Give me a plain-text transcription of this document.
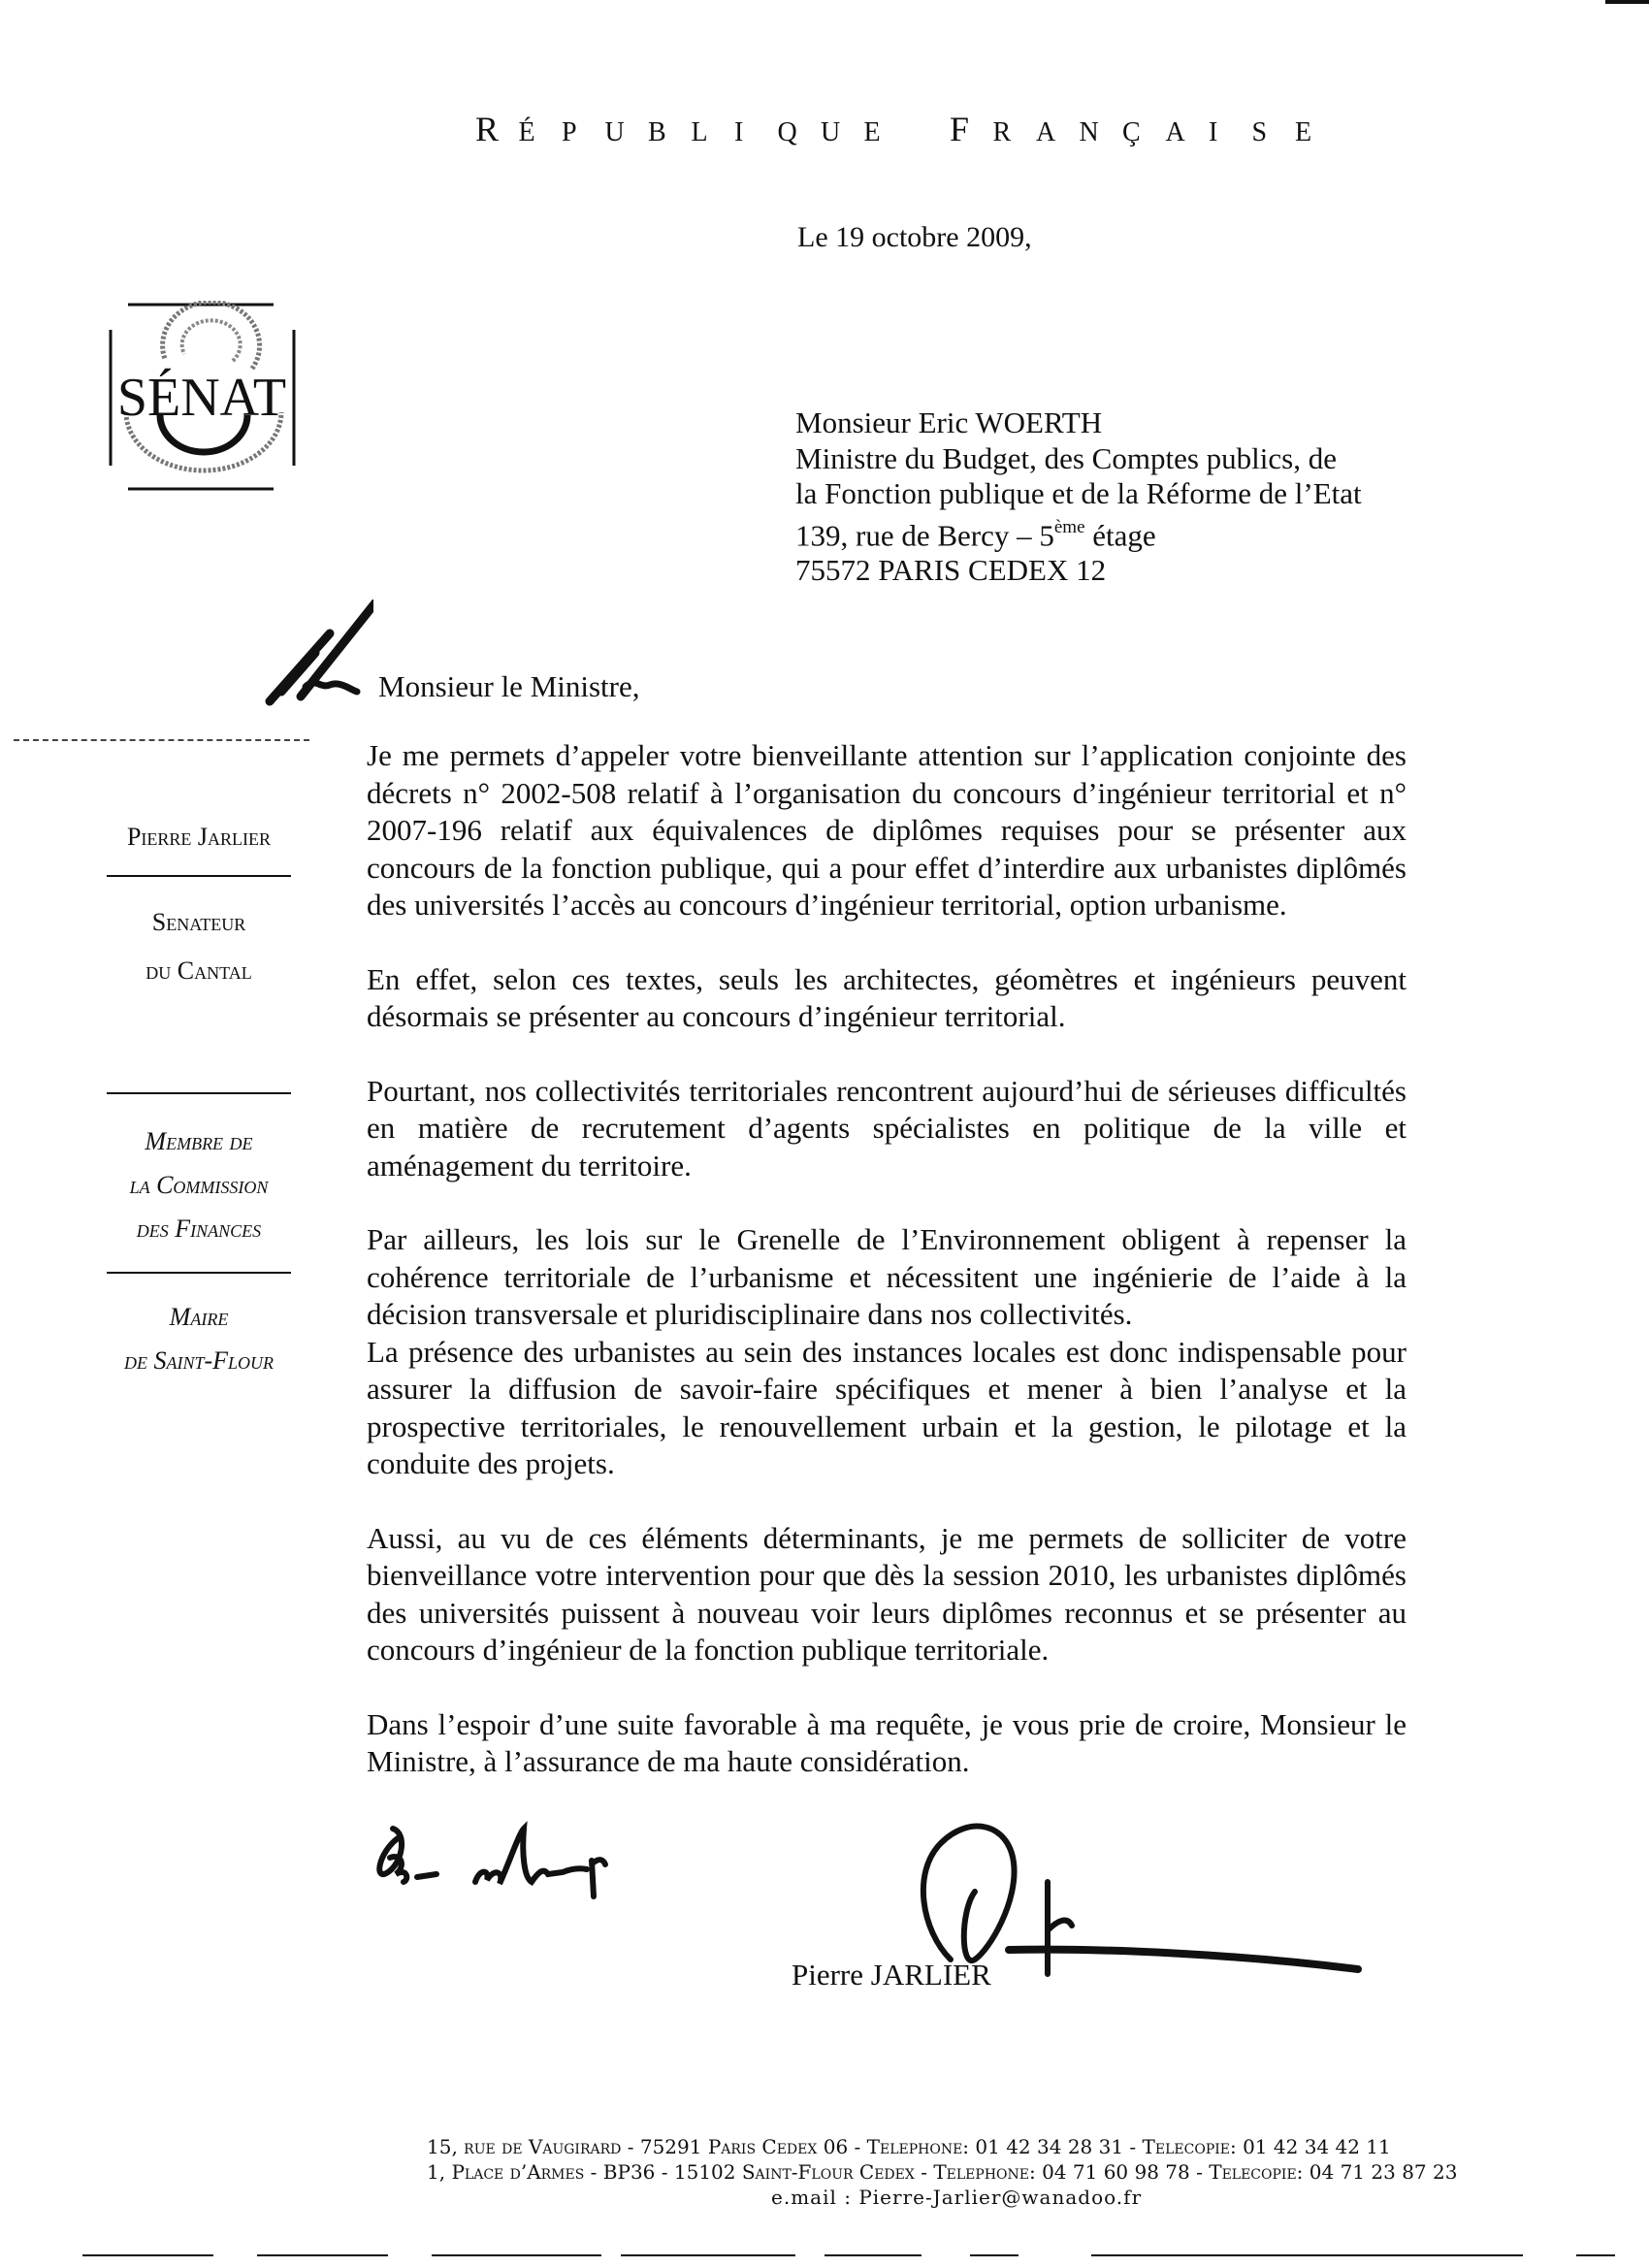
R É P U B L I Q U E F R A N Ç A I S E
Le 19 octobre 2009,
SÉNAT	Monsieur Eric WOERTH
Ministre du Budget, des Comptes publics, de
la Fonction publique et de la Réforme de l’Etat
139, rue de Bercy – 5ème étage
75572 PARIS CEDEX 12
Monsieur le Ministre,
Pierre Jarlier
Senateur
du Cantal
Membre de
la Commission
des Finances
Maire
de Saint-Flour

Je me permets d’appeler votre bienveillante attention sur l’application conjointe des décrets n° 2002-508 relatif à l’organisation du concours d’ingénieur territorial et n° 2007-196 relatif aux équivalences de diplômes requises pour se présenter aux concours de la fonction publique, qui a pour effet d’interdire aux urbanistes diplômés des universités l’accès au concours d’ingénieur territorial, option urbanisme.

En effet, selon ces textes, seuls les architectes, géomètres et ingénieurs peuvent désormais se présenter au concours d’ingénieur territorial.

Pourtant, nos collectivités territoriales rencontrent aujourd’hui de sérieuses difficultés en matière de recrutement d’agents spécialistes en politique de la ville et aménagement du territoire.

Par ailleurs, les lois sur le Grenelle de l’Environnement obligent à repenser la cohérence territoriale de l’urbanisme et nécessitent une ingénierie de l’aide à la décision transversale et pluridisciplinaire dans nos collectivités.

La présence des urbanistes au sein des instances locales est donc indispensable pour assurer la diffusion de savoir-faire spécifiques et mener à bien l’analyse et la prospective territoriales, le renouvellement urbain et la gestion, le pilotage et la conduite des projets.

Aussi, au vu de ces éléments déterminants, je me permets de solliciter de votre bienveillance votre intervention pour que dès la session 2010, les urbanistes diplômés des universités puissent à nouveau voir leurs diplômes reconnus et se présenter au concours d’ingénieur de la fonction publique territoriale.

Dans l’espoir d’une suite favorable à ma requête, je vous prie de croire, Monsieur le Ministre, à l’assurance de ma haute considération.

Bien cordialement,
Pierre JARLIER
15, rue de Vaugirard - 75291 Paris Cedex 06 - Telephone: 01 42 34 28 31 - Telecopie: 01 42 34 42 11
1, Place d’Armes - BP36 - 15102 Saint-Flour Cedex - Telephone: 04 71 60 98 78 - Telecopie: 04 71 23 87 23
e.mail : Pierre-Jarlier@wanadoo.fr
